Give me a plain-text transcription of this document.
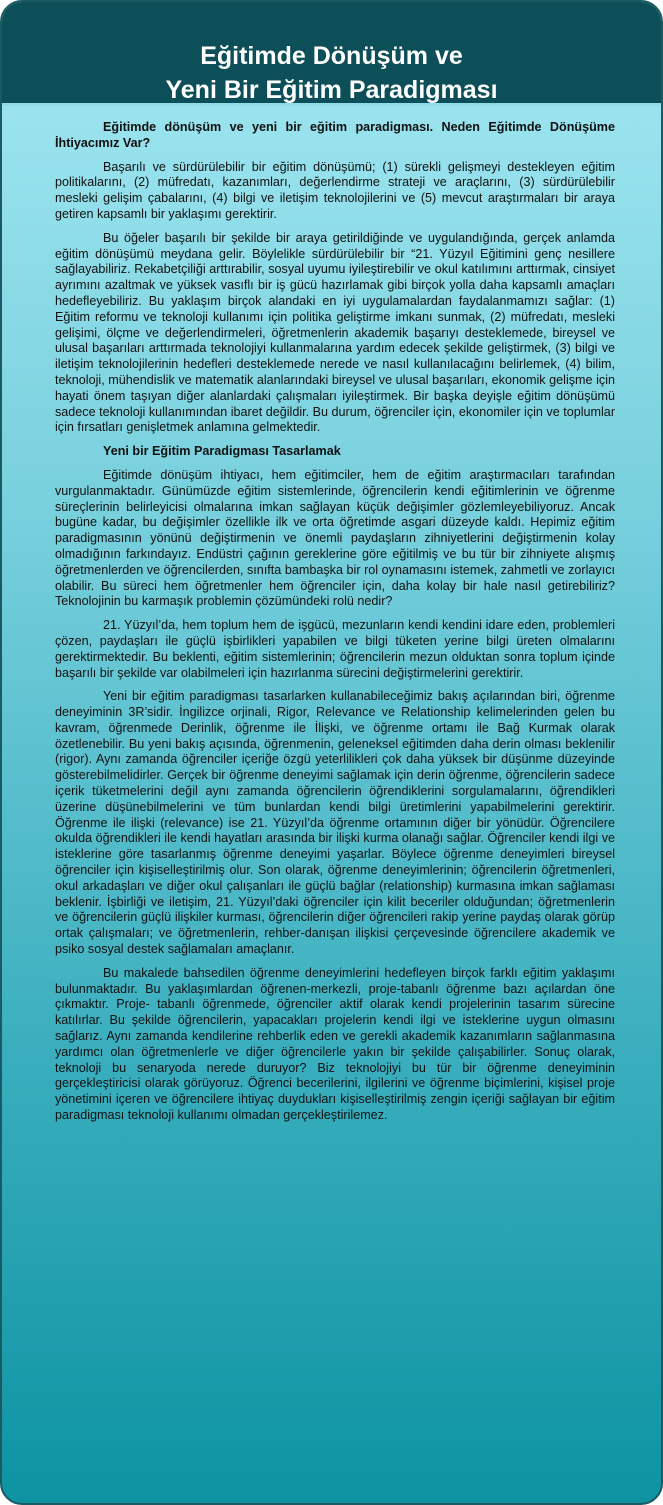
Eğitimde Dönüşüm ve
Yeni Bir Eğitim Paradigması

Eğitimde dönüşüm ve yeni bir eğitim paradigması. Neden Eğitimde Dönüşüme İhtiyacımız Var?

Başarılı ve sürdürülebilir bir eğitim dönüşümü; (1) sürekli gelişmeyi destekleyen eğitim politikalarını, (2) müfredatı, kazanımları, değerlendirme strateji ve araçlarını, (3) sürdürülebilir mesleki gelişim çabalarını, (4) bilgi ve iletişim teknolojilerini ve (5) mevcut araştırmaları bir araya getiren kapsamlı bir yaklaşımı gerektirir.

Bu öğeler başarılı bir şekilde bir araya getirildiğinde ve uygulandığında, gerçek anlamda eğitim dönüşümü meydana gelir. Böylelikle sürdürülebilir bir “21. Yüzyıl Eğitimini genç nesillere sağlayabiliriz. Rekabetçiliği arttırabilir, sosyal uyumu iyileştirebilir ve okul katılımını arttırmak, cinsiyet ayrımını azaltmak ve yüksek vasıflı bir iş gücü hazırlamak gibi birçok yolla daha kapsamlı amaçları hedefleyebiliriz. Bu yaklaşım birçok alandaki en iyi uygulamalardan faydalanmamızı sağlar: (1) Eğitim reformu ve teknoloji kullanımı için politika geliştirme imkanı sunmak, (2) müfredatı, mesleki gelişimi, ölçme ve değerlendirmeleri, öğretmenlerin akademik başarıyı desteklemede, bireysel ve ulusal başarıları arttırmada teknolojiyi kullanmalarına yardım edecek şekilde geliştirmek, (3) bilgi ve iletişim teknolojilerinin hedefleri desteklemede nerede ve nasıl kullanılacağını belirlemek, (4) bilim, teknoloji, mühendislik ve matematik alanlarındaki bireysel ve ulusal başarıları, ekonomik gelişme için hayati önem taşıyan diğer alanlardaki çalışmaları iyileştirmek. Bir başka deyişle eğitim dönüşümü sadece teknoloji kullanımından ibaret değildir. Bu durum, öğrenciler için, ekonomiler için ve toplumlar için fırsatları genişletmek anlamına gelmektedir.

Yeni bir Eğitim Paradigması Tasarlamak

Eğitimde dönüşüm ihtiyacı, hem eğitimciler, hem de eğitim araştırmacıları tarafından vurgulanmaktadır. Günümüzde eğitim sistemlerinde, öğrencilerin kendi eğitimlerinin ve öğrenme süreçlerinin belirleyicisi olmalarına imkan sağlayan küçük değişimler gözlemleyebiliyoruz. Ancak bugüne kadar, bu değişimler özellikle ilk ve orta öğretimde asgari düzeyde kaldı. Hepimiz eğitim paradigmasının yönünü değiştirmenin ve önemli paydaşların zihniyetlerini değiştirmenin kolay olmadığının farkındayız. Endüstri çağının gereklerine göre eğitilmiş ve bu tür bir zihniyete alışmış öğretmenlerden ve öğrencilerden, sınıfta bambaşka bir rol oynamasını istemek, zahmetli ve zorlayıcı olabilir. Bu süreci hem öğretmenler hem öğrenciler için, daha kolay bir hale nasıl getirebiliriz? Teknolojinin bu karmaşık problemin çözümündeki rolü nedir?

21. Yüzyıl’da, hem toplum hem de işgücü, mezunların kendi kendini idare eden, problemleri çözen, paydaşları ile güçlü işbirlikleri yapabilen ve bilgi tüketen yerine bilgi üreten olmalarını gerektirmektedir. Bu beklenti, eğitim sistemlerinin; öğrencilerin mezun olduktan sonra toplum içinde başarılı bir şekilde var olabilmeleri için hazırlanma sürecini değiştirmelerini gerektirir.

Yeni bir eğitim paradigması tasarlarken kullanabileceğimiz bakış açılarından biri, öğrenme deneyiminin 3R’sidir. İngilizce orjinali, Rigor, Relevance ve Relationship kelimelerinden gelen bu kavram, öğrenmede Derinlik, öğrenme ile İlişki, ve öğrenme ortamı ile Bağ Kurmak olarak özetlenebilir. Bu yeni bakış açısında, öğrenmenin, geleneksel eğitimden daha derin olması beklenilir (rigor). Aynı zamanda öğrenciler içeriğe özgü yeterlilikleri çok daha yüksek bir düşünme düzeyinde gösterebilmelidirler. Gerçek bir öğrenme deneyimi sağlamak için derin öğrenme, öğrencilerin sadece içerik tüketmelerini değil aynı zamanda öğrencilerin öğrendiklerini sorgulamalarını, öğrendikleri üzerine düşünebilmelerini ve tüm bunlardan kendi bilgi üretimlerini yapabilmelerini gerektirir. Öğrenme ile ilişki (relevance) ise 21. Yüzyıl’da öğrenme ortamının diğer bir yönüdür. Öğrencilere okulda öğrendikleri ile kendi hayatları arasında bir ilişki kurma olanağı sağlar. Öğrenciler kendi ilgi ve isteklerine göre tasarlanmış öğrenme deneyimi yaşarlar. Böylece öğrenme deneyimleri bireysel öğrenciler için kişiselleştirilmiş olur. Son olarak, öğrenme deneyimlerinin; öğrencilerin öğretmenleri, okul arkadaşları ve diğer okul çalışanları ile güçlü bağlar (relationship) kurmasına imkan sağlaması beklenir. İşbirliği ve iletişim, 21. Yüzyıl’daki öğrenciler için kilit beceriler olduğundan; öğretmenlerin ve öğrencilerin güçlü ilişkiler kurması, öğrencilerin diğer öğrencileri rakip yerine paydaş olarak görüp ortak çalışmaları; ve öğretmenlerin, rehber-danışan ilişkisi çerçevesinde öğrencilere akademik ve psiko sosyal destek sağlamaları amaçlanır.

Bu makalede bahsedilen öğrenme deneyimlerini hedefleyen birçok farklı eğitim yaklaşımı bulunmaktadır. Bu yaklaşımlardan öğrenen-merkezli, proje-tabanlı öğrenme bazı açılardan öne çıkmaktır. Proje- tabanlı öğrenmede, öğrenciler aktif olarak kendi projelerinin tasarım sürecine katılırlar. Bu şekilde öğrencilerin, yapacakları projelerin kendi ilgi ve isteklerine uygun olmasını sağlarız. Aynı zamanda kendilerine rehberlik eden ve gerekli akademik kazanımların sağlanmasına yardımcı olan öğretmenlerle ve diğer öğrencilerle yakın bir şekilde çalışabilirler. Sonuç olarak, teknoloji bu senaryoda nerede duruyor? Biz teknolojiyi bu tür bir öğrenme deneyiminin gerçekleştiricisi olarak görüyoruz. Öğrenci becerilerini, ilgilerini ve öğrenme biçimlerini, kişisel proje yönetimini içeren ve öğrencilere ihtiyaç duydukları kişiselleştirilmiş zengin içeriği sağlayan bir eğitim paradigması teknoloji kullanımı olmadan gerçekleştirilemez.
